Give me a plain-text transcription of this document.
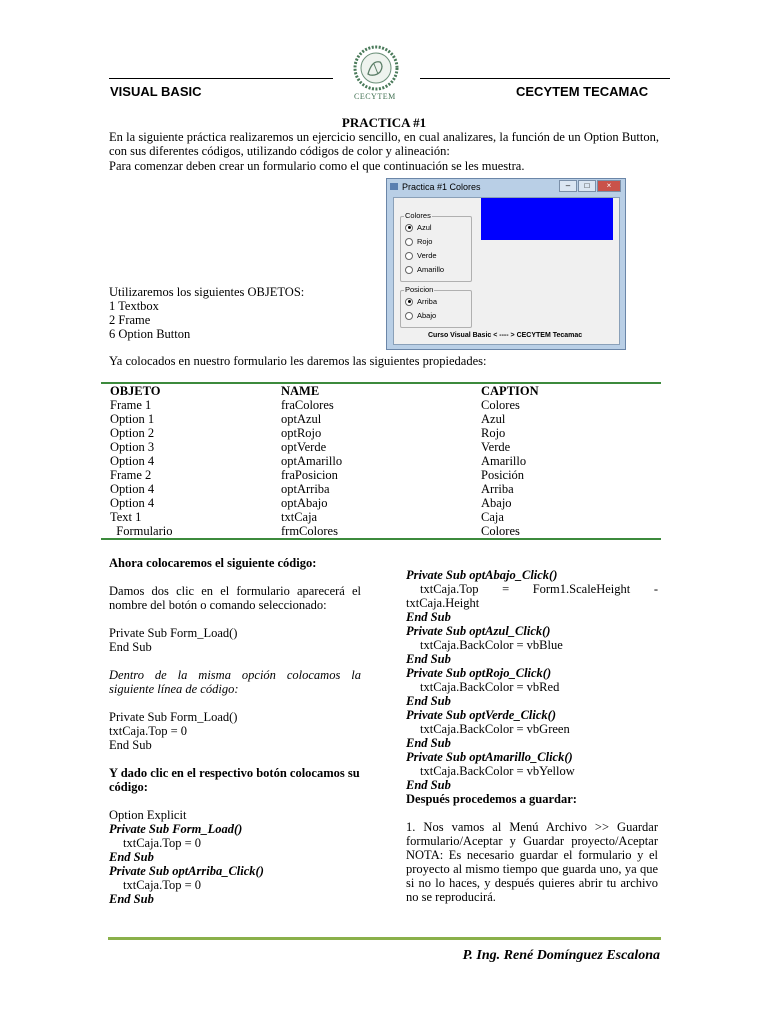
CECYTEM
VISUAL BASIC	CECYTEM TECAMAC
PRACTICA #1

En la siguiente práctica realizaremos un ejercicio sencillo, en cual analizares, la función de un Option Button, con sus diferentes códigos, utilizando códigos de color y alineación:

Para comenzar deben crear un formulario como el que continuación se les muestra.

Practica #1 Colores	–	□	×
Colores
Azul
Rojo
Verde
Amarillo
Posicion
Arriba
Abajo
Curso Visual Basic < ---- > CECYTEM Tecamac

Utilizaremos los siguientes OBJETOS:

1 Textbox

2 Frame

6 Option Button

Ya colocados en nuestro formulario les daremos las siguientes propiedades:

OBJETO	NAME	CAPTION
Frame 1	fraColores	Colores
Option 1	optAzul	Azul
Option 2	optRojo	Rojo
Option 3	optVerde	Verde
Option 4	optAmarillo	Amarillo
Frame 2	fraPosicion	Posición
Option 4	optArriba	Arriba
Option 4	optAbajo	Abajo
Text 1	txtCaja	Caja
Formulario	frmColores	Colores

Ahora colocaremos el siguiente código:

Damos dos clic en el formulario aparecerá el nombre del botón o comando seleccionado:

Private Sub Form_Load()

End Sub

Dentro de la misma opción colocamos la siguiente línea de código:

Private Sub Form_Load()

txtCaja.Top = 0

End Sub

Y dado clic en el respectivo botón colocamos su código:

Option Explicit

Private Sub Form_Load()

txtCaja.Top = 0

End Sub

Private Sub optArriba_Click()

txtCaja.Top = 0

End Sub

Private Sub optAbajo_Click()

txtCaja.Top = Form1.ScaleHeight -

txtCaja.Height

End Sub

Private Sub optAzul_Click()

txtCaja.BackColor = vbBlue

End Sub

Private Sub optRojo_Click()

txtCaja.BackColor = vbRed

End Sub

Private Sub optVerde_Click()

txtCaja.BackColor = vbGreen

End Sub

Private Sub optAmarillo_Click()

txtCaja.BackColor = vbYellow

End Sub

Después procedemos a guardar:

1. Nos vamos al Menú Archivo >> Guardar formulario/Aceptar y Guardar proyecto/Aceptar NOTA: Es necesario guardar el formulario y el proyecto al mismo tiempo que guarda uno, ya que si no lo haces, y después quieres abrir tu archivo no se reproducirá.

P. Ing. René Domínguez Escalona
